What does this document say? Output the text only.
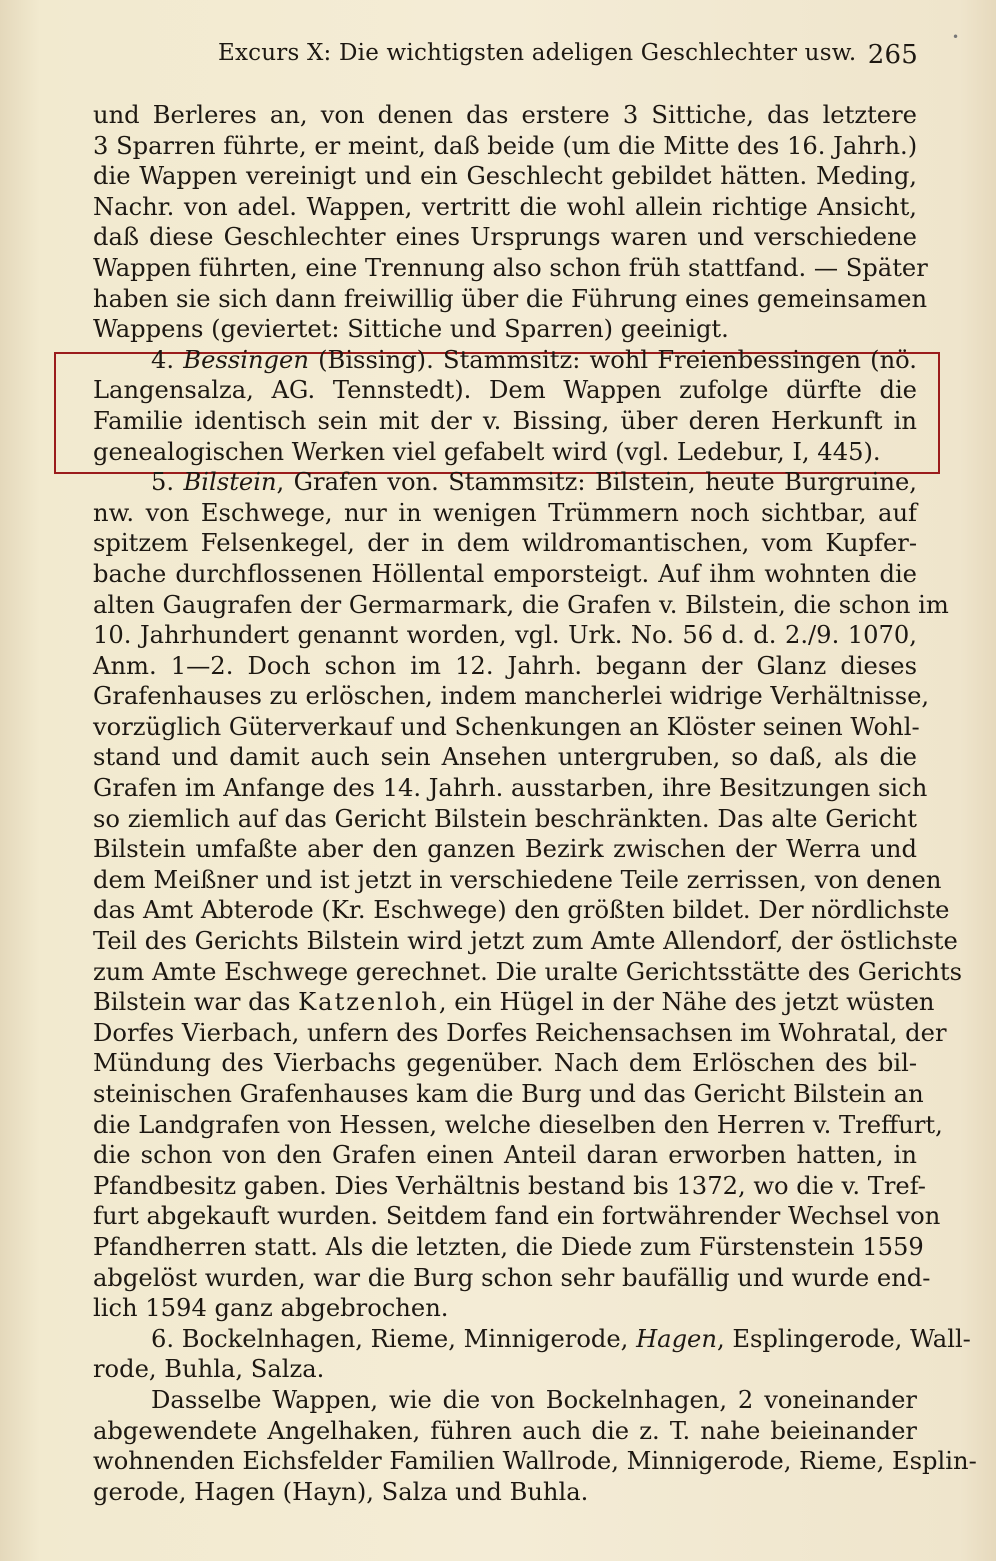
•
Excurs X: Die wichtigsten adeligen Geschlechter usw. 265
und Berleres an, von denen das erstere 3 Sittiche, das letztere
3 Sparren führte, er meint, daß beide (um die Mitte des 16. Jahrh.)
die Wappen vereinigt und ein Geschlecht gebildet hätten. Meding,
Nachr. von adel. Wappen, vertritt die wohl allein richtige Ansicht,
daß diese Geschlechter eines Ursprungs waren und verschiedene
Wappen führten, eine Trennung also schon früh stattfand. — Später
haben sie sich dann freiwillig über die Führung eines gemeinsamen
Wappens (geviertet: Sittiche und Sparren) geeinigt.
4. Bessingen (Bissing). Stammsitz: wohl Freienbessingen (nö.
Langensalza, AG. Tennstedt). Dem Wappen zufolge dürfte die
Familie identisch sein mit der v. Bissing, über deren Herkunft in
genealogischen Werken viel gefabelt wird (vgl. Ledebur, I, 445).
5. Bilstein, Grafen von. Stammsitz: Bilstein, heute Burgruine,
nw. von Eschwege, nur in wenigen Trümmern noch sichtbar, auf
spitzem Felsenkegel, der in dem wildromantischen, vom Kupfer-
bache durchflossenen Höllental emporsteigt. Auf ihm wohnten die
alten Gaugrafen der Germarmark, die Grafen v. Bilstein, die schon im
10. Jahrhundert genannt worden, vgl. Urk. No. 56 d. d. 2./9. 1070,
Anm. 1—2. Doch schon im 12. Jahrh. begann der Glanz dieses
Grafenhauses zu erlöschen, indem mancherlei widrige Verhältnisse,
vorzüglich Güterverkauf und Schenkungen an Klöster seinen Wohl-
stand und damit auch sein Ansehen untergruben, so daß, als die
Grafen im Anfange des 14. Jahrh. ausstarben, ihre Besitzungen sich
so ziemlich auf das Gericht Bilstein beschränkten. Das alte Gericht
Bilstein umfaßte aber den ganzen Bezirk zwischen der Werra und
dem Meißner und ist jetzt in verschiedene Teile zerrissen, von denen
das Amt Abterode (Kr. Eschwege) den größten bildet. Der nördlichste
Teil des Gerichts Bilstein wird jetzt zum Amte Allendorf, der östlichste
zum Amte Eschwege gerechnet. Die uralte Gerichtsstätte des Gerichts
Bilstein war das Katzenloh, ein Hügel in der Nähe des jetzt wüsten
Dorfes Vierbach, unfern des Dorfes Reichensachsen im Wohratal, der
Mündung des Vierbachs gegenüber. Nach dem Erlöschen des bil-
steinischen Grafenhauses kam die Burg und das Gericht Bilstein an
die Landgrafen von Hessen, welche dieselben den Herren v. Treffurt,
die schon von den Grafen einen Anteil daran erworben hatten, in
Pfandbesitz gaben. Dies Verhältnis bestand bis 1372, wo die v. Tref-
furt abgekauft wurden. Seitdem fand ein fortwährender Wechsel von
Pfandherren statt. Als die letzten, die Diede zum Fürstenstein 1559
abgelöst wurden, war die Burg schon sehr baufällig und wurde end-
lich 1594 ganz abgebrochen.
6. Bockelnhagen, Rieme, Minnigerode, Hagen, Esplingerode, Wall-
rode, Buhla, Salza.
Dasselbe Wappen, wie die von Bockelnhagen, 2 voneinander
abgewendete Angelhaken, führen auch die z. T. nahe beieinander
wohnenden Eichsfelder Familien Wallrode, Minnigerode, Rieme, Esplin-
gerode, Hagen (Hayn), Salza und Buhla.
